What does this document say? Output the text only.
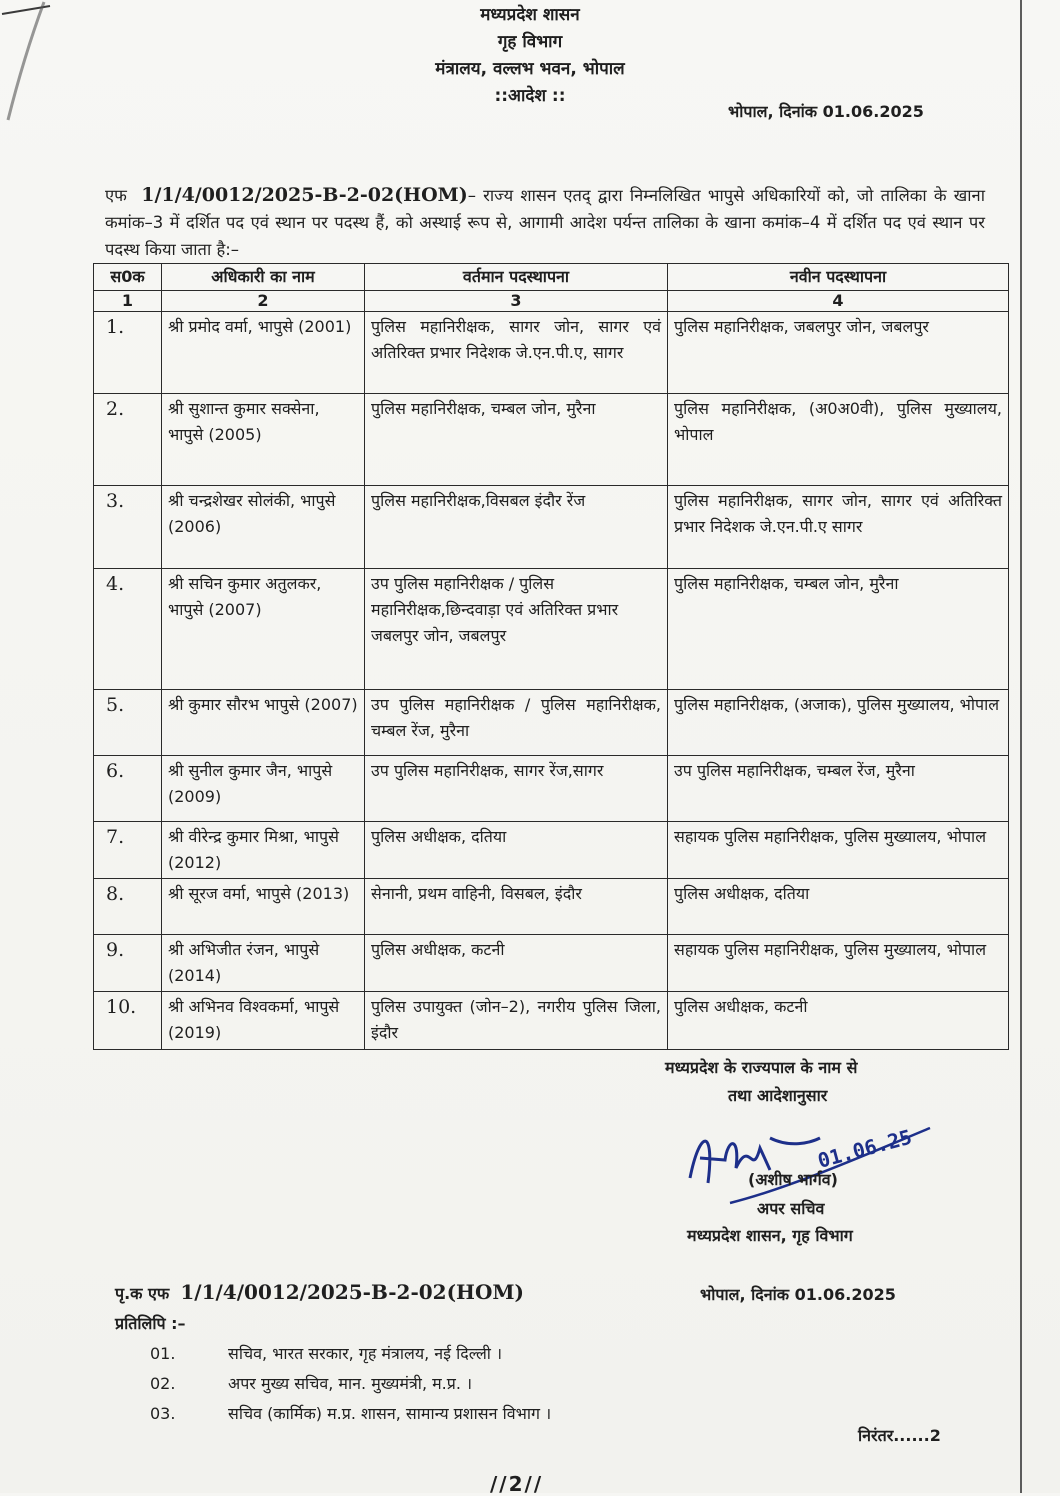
मध्यप्रदेश शासन
गृह विभाग
मंत्रालय, वल्लभ भवन, भोपाल
::आदेश ::
भोपाल, दिनांक 01.06.2025
एफ 1/1/4/0012/2025-B-2-02(HOM)– राज्य शासन एतद् द्वारा निम्नलिखित भापुसे अधिकारियों को, जो तालिका के खाना कमांक–3 में दर्शित पद एवं स्थान पर पदस्थ हैं, को अस्थाई रूप से, आगामी आदेश पर्यन्त तालिका के खाना कमांक–4 में दर्शित पद एवं स्थान पर पदस्थ किया जाता है:–
स0क	अधिकारी का नाम	वर्तमान पदस्थापना	नवीन पदस्थापना
1	2	3	4
1.	श्री प्रमोद वर्मा, भापुसे (2001)	पुलिस महानिरीक्षक, सागर जोन, सागर एवं अतिरिक्त प्रभार निदेशक जे.एन.पी.ए, सागर	पुलिस महानिरीक्षक, जबलपुर जोन, जबलपुर
2.	श्री सुशान्त कुमार सक्सेना, भापुसे (2005)	पुलिस महानिरीक्षक, चम्बल जोन, मुरैना	पुलिस महानिरीक्षक, (अ0अ0वी), पुलिस मुख्यालय, भोपाल
3.	श्री चन्द्रशेखर सोलंकी, भापुसे (2006)	पुलिस महानिरीक्षक,विसबल इंदौर रेंज	पुलिस महानिरीक्षक, सागर जोन, सागर एवं अतिरिक्त प्रभार निदेशक जे.एन.पी.ए सागर
4.	श्री सचिन कुमार अतुलकर, भापुसे (2007)	उप पुलिस महानिरीक्षक / पुलिस महानिरीक्षक,छिन्दवाड़ा एवं अतिरिक्त प्रभार जबलपुर जोन, जबलपुर	पुलिस महानिरीक्षक, चम्बल जोन, मुरैना
5.	श्री कुमार सौरभ भापुसे (2007)	उप पुलिस महानिरीक्षक / पुलिस महानिरीक्षक, चम्बल रेंज, मुरैना	पुलिस महानिरीक्षक, (अजाक), पुलिस मुख्यालय, भोपाल
6.	श्री सुनील कुमार जैन, भापुसे (2009)	उप पुलिस महानिरीक्षक, सागर रेंज,सागर	उप पुलिस महानिरीक्षक, चम्बल रेंज, मुरैना
7.	श्री वीरेन्द्र कुमार मिश्रा, भापुसे (2012)	पुलिस अधीक्षक, दतिया	सहायक पुलिस महानिरीक्षक, पुलिस मुख्यालय, भोपाल
8.	श्री सूरज वर्मा, भापुसे (2013)	सेनानी, प्रथम वाहिनी, विसबल, इंदौर	पुलिस अधीक्षक, दतिया
9.	श्री अभिजीत रंजन, भापुसे (2014)	पुलिस अधीक्षक, कटनी	सहायक पुलिस महानिरीक्षक, पुलिस मुख्यालय, भोपाल
10.	श्री अभिनव विश्वकर्मा, भापुसे (2019)	पुलिस उपायुक्त (जोन–2), नगरीय पुलिस जिला, इंदौर	पुलिस अधीक्षक, कटनी
मध्यप्रदेश के राज्यपाल के नाम से
तथा आदेशानुसार
01.06.25
(अशीष भार्गव)
अपर सचिव
मध्यप्रदेश शासन, गृह विभाग
पृ.क एफ 1/1/4/0012/2025-B-2-02(HOM)	भोपाल, दिनांक 01.06.2025
प्रतिलिपि :–
01.	सचिव, भारत सरकार, गृह मंत्रालय, नई दिल्ली ।
02.	अपर मुख्य सचिव, मान. मुख्यमंत्री, म.प्र. ।
03.	सचिव (कार्मिक) म.प्र. शासन, सामान्य प्रशासन विभाग ।
निरंतर......2
//2//
